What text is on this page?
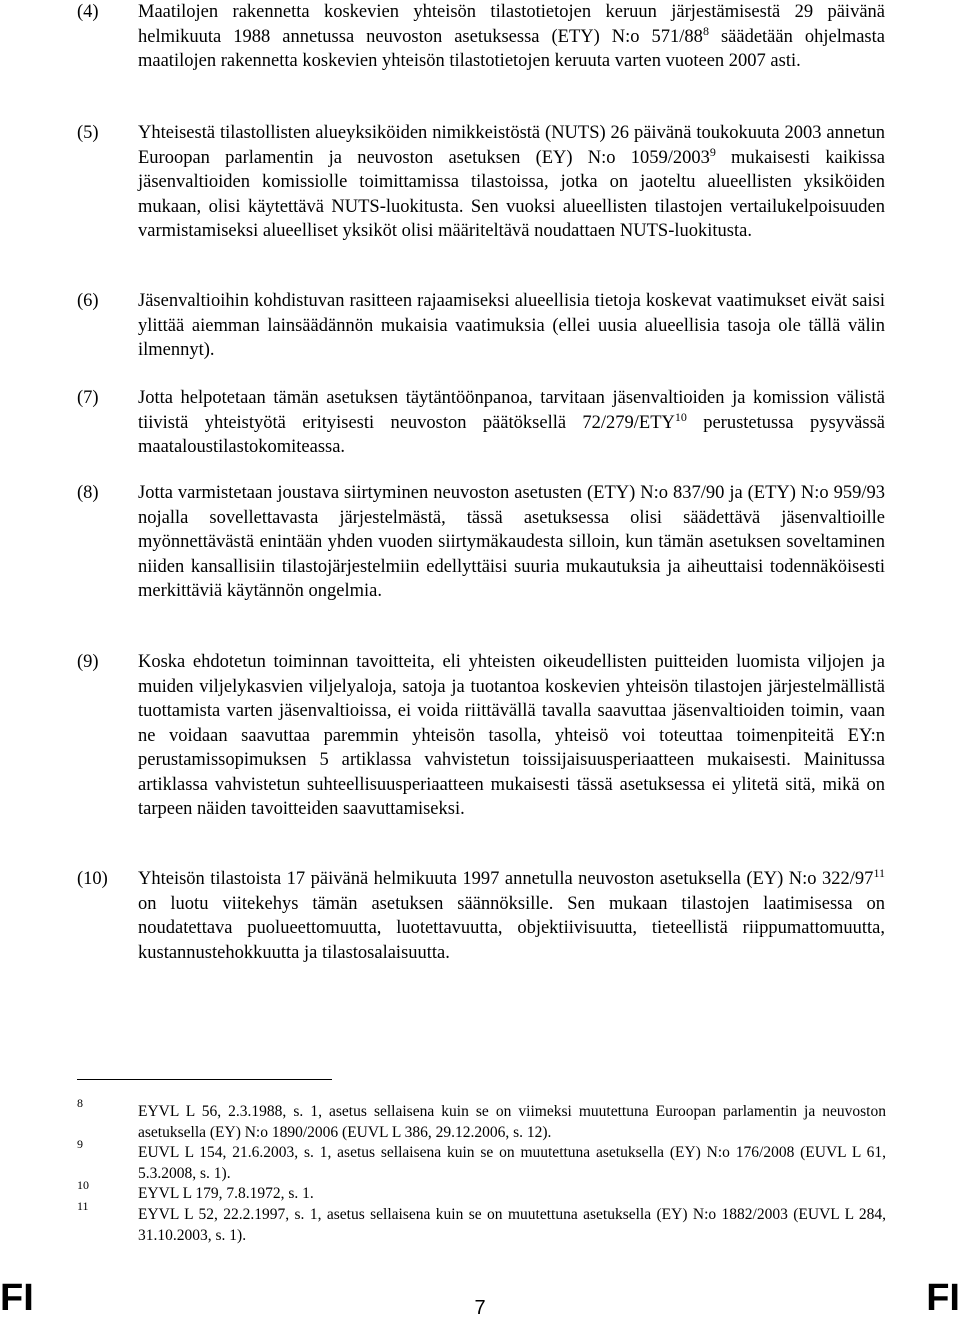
(4) Maatilojen rakennetta koskevien yhteisön tilastotietojen keruun järjestämisestä 29 päivänä helmikuuta 1988 annetussa neuvoston asetuksessa (ETY) N:o $571/88^8$ säädetään ohjelmasta maatilojen rakennetta koskevien yhteisön tilastotietojen keruuta varten vuoteen 2007 asti.

(5) Yhteisestä tilastollisten alueyksiköiden nimikkeistöstä (NUTS) 26 päivänä toukokuuta 2003 annetun Euroopan parlamentin ja neuvoston asetuksen (EY) N:o 1059/2003$^9$ mukaisesti kaikissa jäsenvaltioiden komissiolle toimittamissa tilastoissa, jotka on jaoteltu alueellisten yksiköiden mukaan, olisi käytettävä NUTS-luokitusta. Sen vuoksi alueellisten tilastojen vertailukelpoisuuden varmistamiseksi alueelliset yksiköt olisi määriteltävä noudattaen NUTS-luokitusta.

(6) Jäsenvaltioihin kohdistuvan rasitteen rajaamiseksi alueellisia tietoja koskevat vaatimukset eivät saisi ylittää aiemman lainsäädännön mukaisia vaatimuksia (ellei uusia alueellisia tasoja ole tällä välin ilmennyt).

(7) Jotta helpotetaan tämän asetuksen täytäntöönpanoa, tarvitaan jäsenvaltioiden ja komission välistä tiivistä yhteistyötä erityisesti neuvoston päätöksellä 72/279/ETY$^{10}$ perustetussa pysyvässä maataloustilastokomiteassa.

(8) Jotta varmistetaan joustava siirtyminen neuvoston asetusten (ETY) N:o 837/90 ja (ETY) N:o 959/93 nojalla sovellettavasta järjestelmästä, tässä asetuksessa olisi säädettävä jäsenvaltioille myönnettävästä enintään yhden vuoden siirtymäkaudesta silloin, kun tämän asetuksen soveltaminen niiden kansallisiin tilastojärjestelmiin edellyttäisi suuria mukautuksia ja aiheuttaisi todennäköisesti merkittäviä käytännön ongelmia.

(9) Koska ehdotetun toiminnan tavoitteita, eli yhteisten oikeudellisten puitteiden luomista viljojen ja muiden viljelykasvien viljelyaloja, satoja ja tuotantoa koskevien yhteisön tilastojen järjestelmällistä tuottamista varten jäsenvaltioissa, ei voida riittävällä tavalla saavuttaa jäsenvaltioiden toimin, vaan ne voidaan saavuttaa paremmin yhteisön tasolla, yhteisö voi toteuttaa toimenpiteitä EY:n perustamissopimuksen 5 artiklassa vahvistetun toissijaisuusperiaatteen mukaisesti. Mainitussa artiklassa vahvistetun suhteellisuusperiaatteen mukaisesti tässä asetuksessa ei ylitetä sitä, mikä on tarpeen näiden tavoitteiden saavuttamiseksi.

(10) Yhteisön tilastoista 17 päivänä helmikuuta 1997 annetulla neuvoston asetuksella (EY) N:o $322/97^{11}$ on luotu viitekehys tämän asetuksen säännöksille. Sen mukaan tilastojen laatimisessa on noudatettava puolueettomuutta, luotettavuutta, objektiivisuutta, tieteellistä riippumattomuutta, kustannustehokkuutta ja tilastosalaisuutta.

8	EYVL L 56, 2.3.1988, s. 1, asetus sellaisena kuin se on viimeksi muutettuna Euroopan parlamentin ja neuvoston asetuksella (EY) N:o 1890/2006 (EUVL L 386, 29.12.2006, s. 12).

9	EUVL L 154, 21.6.2003, s. 1, asetus sellaisena kuin se on muutettuna asetuksella (EY) N:o 176/2008 (EUVL L 61, 5.3.2008, s. 1).

10	EYVL L 179, 7.8.1972, s. 1.

11	EYVL L 52, 22.2.1997, s. 1, asetus sellaisena kuin se on muutettuna asetuksella (EY) N:o 1882/2003 (EUVL L 284, 31.10.2003, s. 1).

FI	7	FI
